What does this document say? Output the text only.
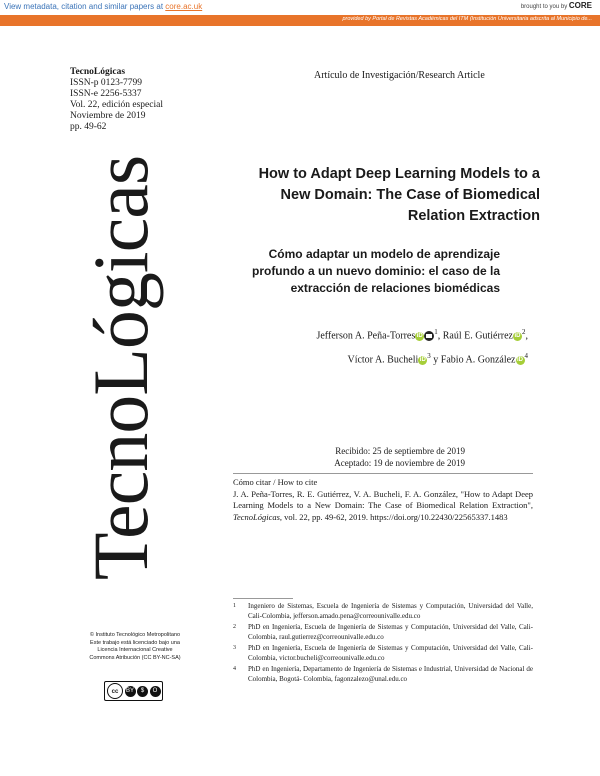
View metadata, citation and similar papers at core.ac.uk	brought to you by CORE
provided by Portal de Revistas Académicas del ITM (Institución Universitaria adscrita al Municipio de...
TecnoLógicas
ISSN-p 0123-7799
ISSN-e 2256-5337
Vol. 22, edición especial
Noviembre de 2019
pp. 49-62
Artículo de Investigación/Research Article
TecnoLógicas	How to Adapt Deep Learning Models to a New Domain: The Case of Biomedical Relation Extraction
Cómo adaptar un modelo de aprendizaje profundo a un nuevo dominio: el caso de la extracción de relaciones biomédicas
Jefferson A. Peña-Torres iD $^1$, Raúl E. Gutiérrez iD $^2$,
Víctor A. Bucheli iD $^3$ y Fabio A. González iD $^4$
Recibido: 25 de septiembre de 2019
Aceptado: 19 de noviembre de 2019
Cómo citar / How to cite
J. A. Peña-Torres, R. E. Gutiérrez, V. A. Bucheli, F. A. González, "How to Adapt Deep Learning Models to a New Domain: The Case of Biomedical Relation Extraction", TecnoLógicas, vol. 22, pp. 49-62, 2019. https://doi.org/10.22430/22565337.1483
© Instituto Tecnológico Metropolitano
Este trabajo está licenciado bajo una
Licencia Internacional Creative
Commons Atribución (CC BY-NC-SA)
cc	BY	$	O
1	Ingeniero de Sistemas, Escuela de Ingeniería de Sistemas y Computación, Universidad del Valle, Cali-Colombia, jefferson.amado.pena@correounivalle.edu.co
2	PhD en Ingeniería, Escuela de Ingeniería de Sistemas y Computación, Universidad del Valle, Cali- Colombia, raul.gutierrez@correounivalle.edu.co
3	PhD en Ingeniería, Escuela de Ingeniería de Sistemas y Computación, Universidad del Valle, Cali- Colombia, victor.bucheli@correounivalle.edu.co
4	PhD en Ingeniería, Departamento de Ingeniería de Sistemas e Industrial, Universidad de Nacional de Colombia, Bogotá- Colombia, fagonzalezo@unal.edu.co
